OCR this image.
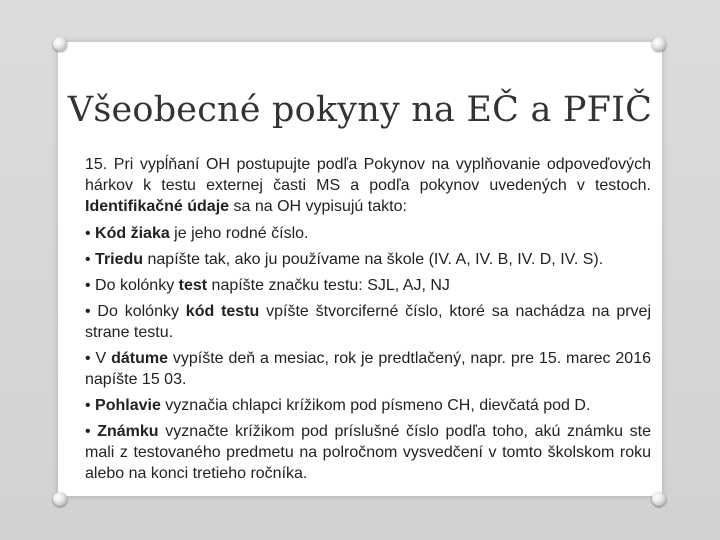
Všeobecné pokyny na EČ a PFIČ

15. Pri vypĺňaní OH postupujte podľa Pokynov na vyplňovanie odpoveďových hárkov k testu externej časti MS a podľa pokynov uvedených v testoch. Identifikačné údaje sa na OH vypisujú takto:

• Kód žiaka je jeho rodné číslo.

• Triedu napíšte tak, ako ju používame na škole (IV. A, IV. B, IV. D, IV. S).

• Do kolónky test napíšte značku testu: SJL, AJ, NJ

• Do kolónky kód testu vpíšte štvorciferné číslo, ktoré sa nachádza na prvej strane testu.

• V dátume vypíšte deň a mesiac, rok je predtlačený, napr. pre 15. marec 2016 napíšte 15 03.

• Pohlavie vyznačia chlapci krížikom pod písmeno CH, dievčatá pod D.

• Známku vyznačte krížikom pod príslušné číslo podľa toho, akú známku ste mali z testovaného predmetu na polročnom vysvedčení v tomto školskom roku alebo na konci tretieho ročníka.
